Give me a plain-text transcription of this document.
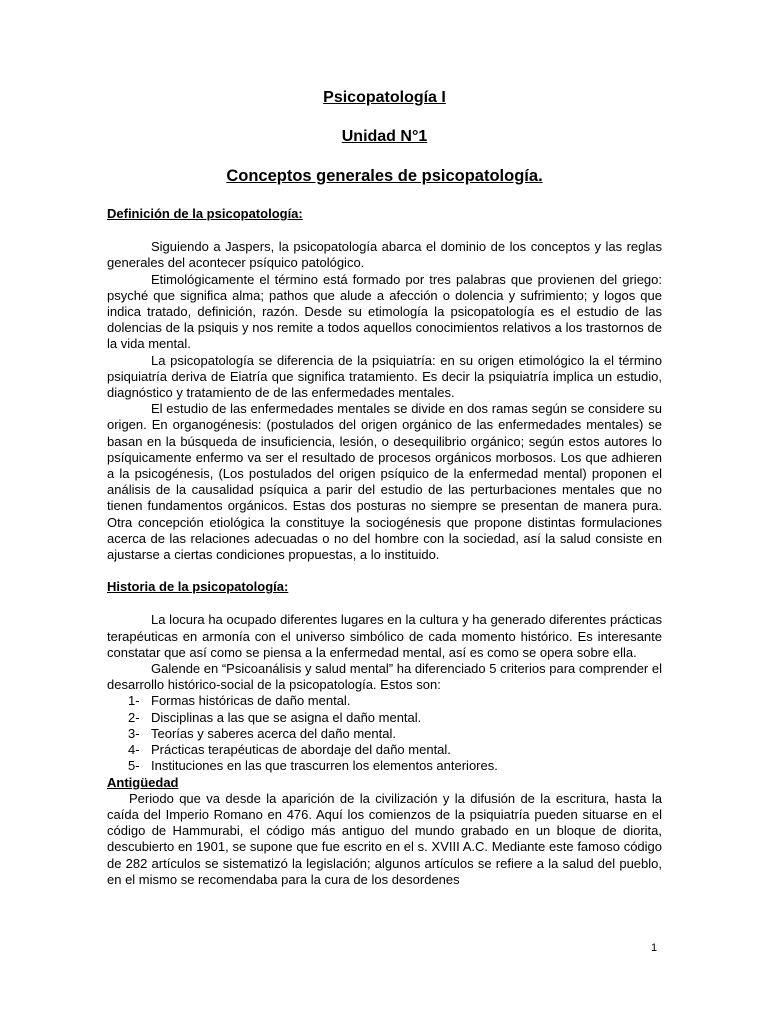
Psicopatología I

Unidad N°1

Conceptos generales de psicopatología.

Definición de la psicopatología:

Siguiendo a Jaspers, la psicopatología abarca el dominio de los conceptos y las reglas generales del acontecer psíquico patológico.

Etimológicamente el término está formado por tres palabras que provienen del griego: psyché que significa alma; pathos que alude a afección o dolencia y sufrimiento; y logos que indica tratado, definición, razón. Desde su etimología la psicopatología es el estudio de las dolencias de la psiquis y nos remite a todos aquellos conocimientos relativos a los trastornos de la vida mental.

La psicopatología se diferencia de la psiquiatría: en su origen etimológico la el término psiquiatría deriva de Eiatría que significa tratamiento. Es decir la psiquiatría implica un estudio, diagnóstico y tratamiento de de las enfermedades mentales.

El estudio de las enfermedades mentales se divide en dos ramas según se considere su origen. En organogénesis: (postulados del origen orgánico de las enfermedades mentales) se basan en la búsqueda de insuficiencia, lesión, o desequilibrio orgánico; según estos autores lo psíquicamente enfermo va ser el resultado de procesos orgánicos morbosos. Los que adhieren a la psicogénesis, (Los postulados del origen psíquico de la enfermedad mental) proponen el análisis de la causalidad psíquica a parir del estudio de las perturbaciones mentales que no tienen fundamentos orgánicos. Estas dos posturas no siempre se presentan de manera pura. Otra concepción etiológica la constituye la sociogénesis que propone distintas formulaciones acerca de las relaciones adecuadas o no del hombre con la sociedad, así la salud consiste en ajustarse a ciertas condiciones propuestas, a lo instituido.

Historia de la psicopatología:

La locura ha ocupado diferentes lugares en la cultura y ha generado diferentes prácticas terapéuticas en armonía con el universo simbólico de cada momento histórico. Es interesante constatar que así como se piensa a la enfermedad mental, así es como se opera sobre ella.

Galende en “Psicoanálisis y salud mental” ha diferenciado 5 criterios para comprender el desarrollo histórico-social de la psicopatología. Estos son:

1- Formas históricas de daño mental.
2- Disciplinas a las que se asigna el daño mental.
3- Teorías y saberes acerca del daño mental.
4- Prácticas terapéuticas de abordaje del daño mental.
5- Instituciones en las que trascurren los elementos anteriores.

Antigüedad

Periodo que va desde la aparición de la civilización y la difusión de la escritura, hasta la caída del Imperio Romano en 476. Aquí los comienzos de la psiquiatría pueden situarse en el código de Hammurabi, el código más antiguo del mundo grabado en un bloque de diorita, descubierto en 1901, se supone que fue escrito en el s. XVIII A.C. Mediante este famoso código de 282 artículos se sistematizó la legislación; algunos artículos se refiere a la salud del pueblo, en el mismo se recomendaba para la cura de los desordenes

1
